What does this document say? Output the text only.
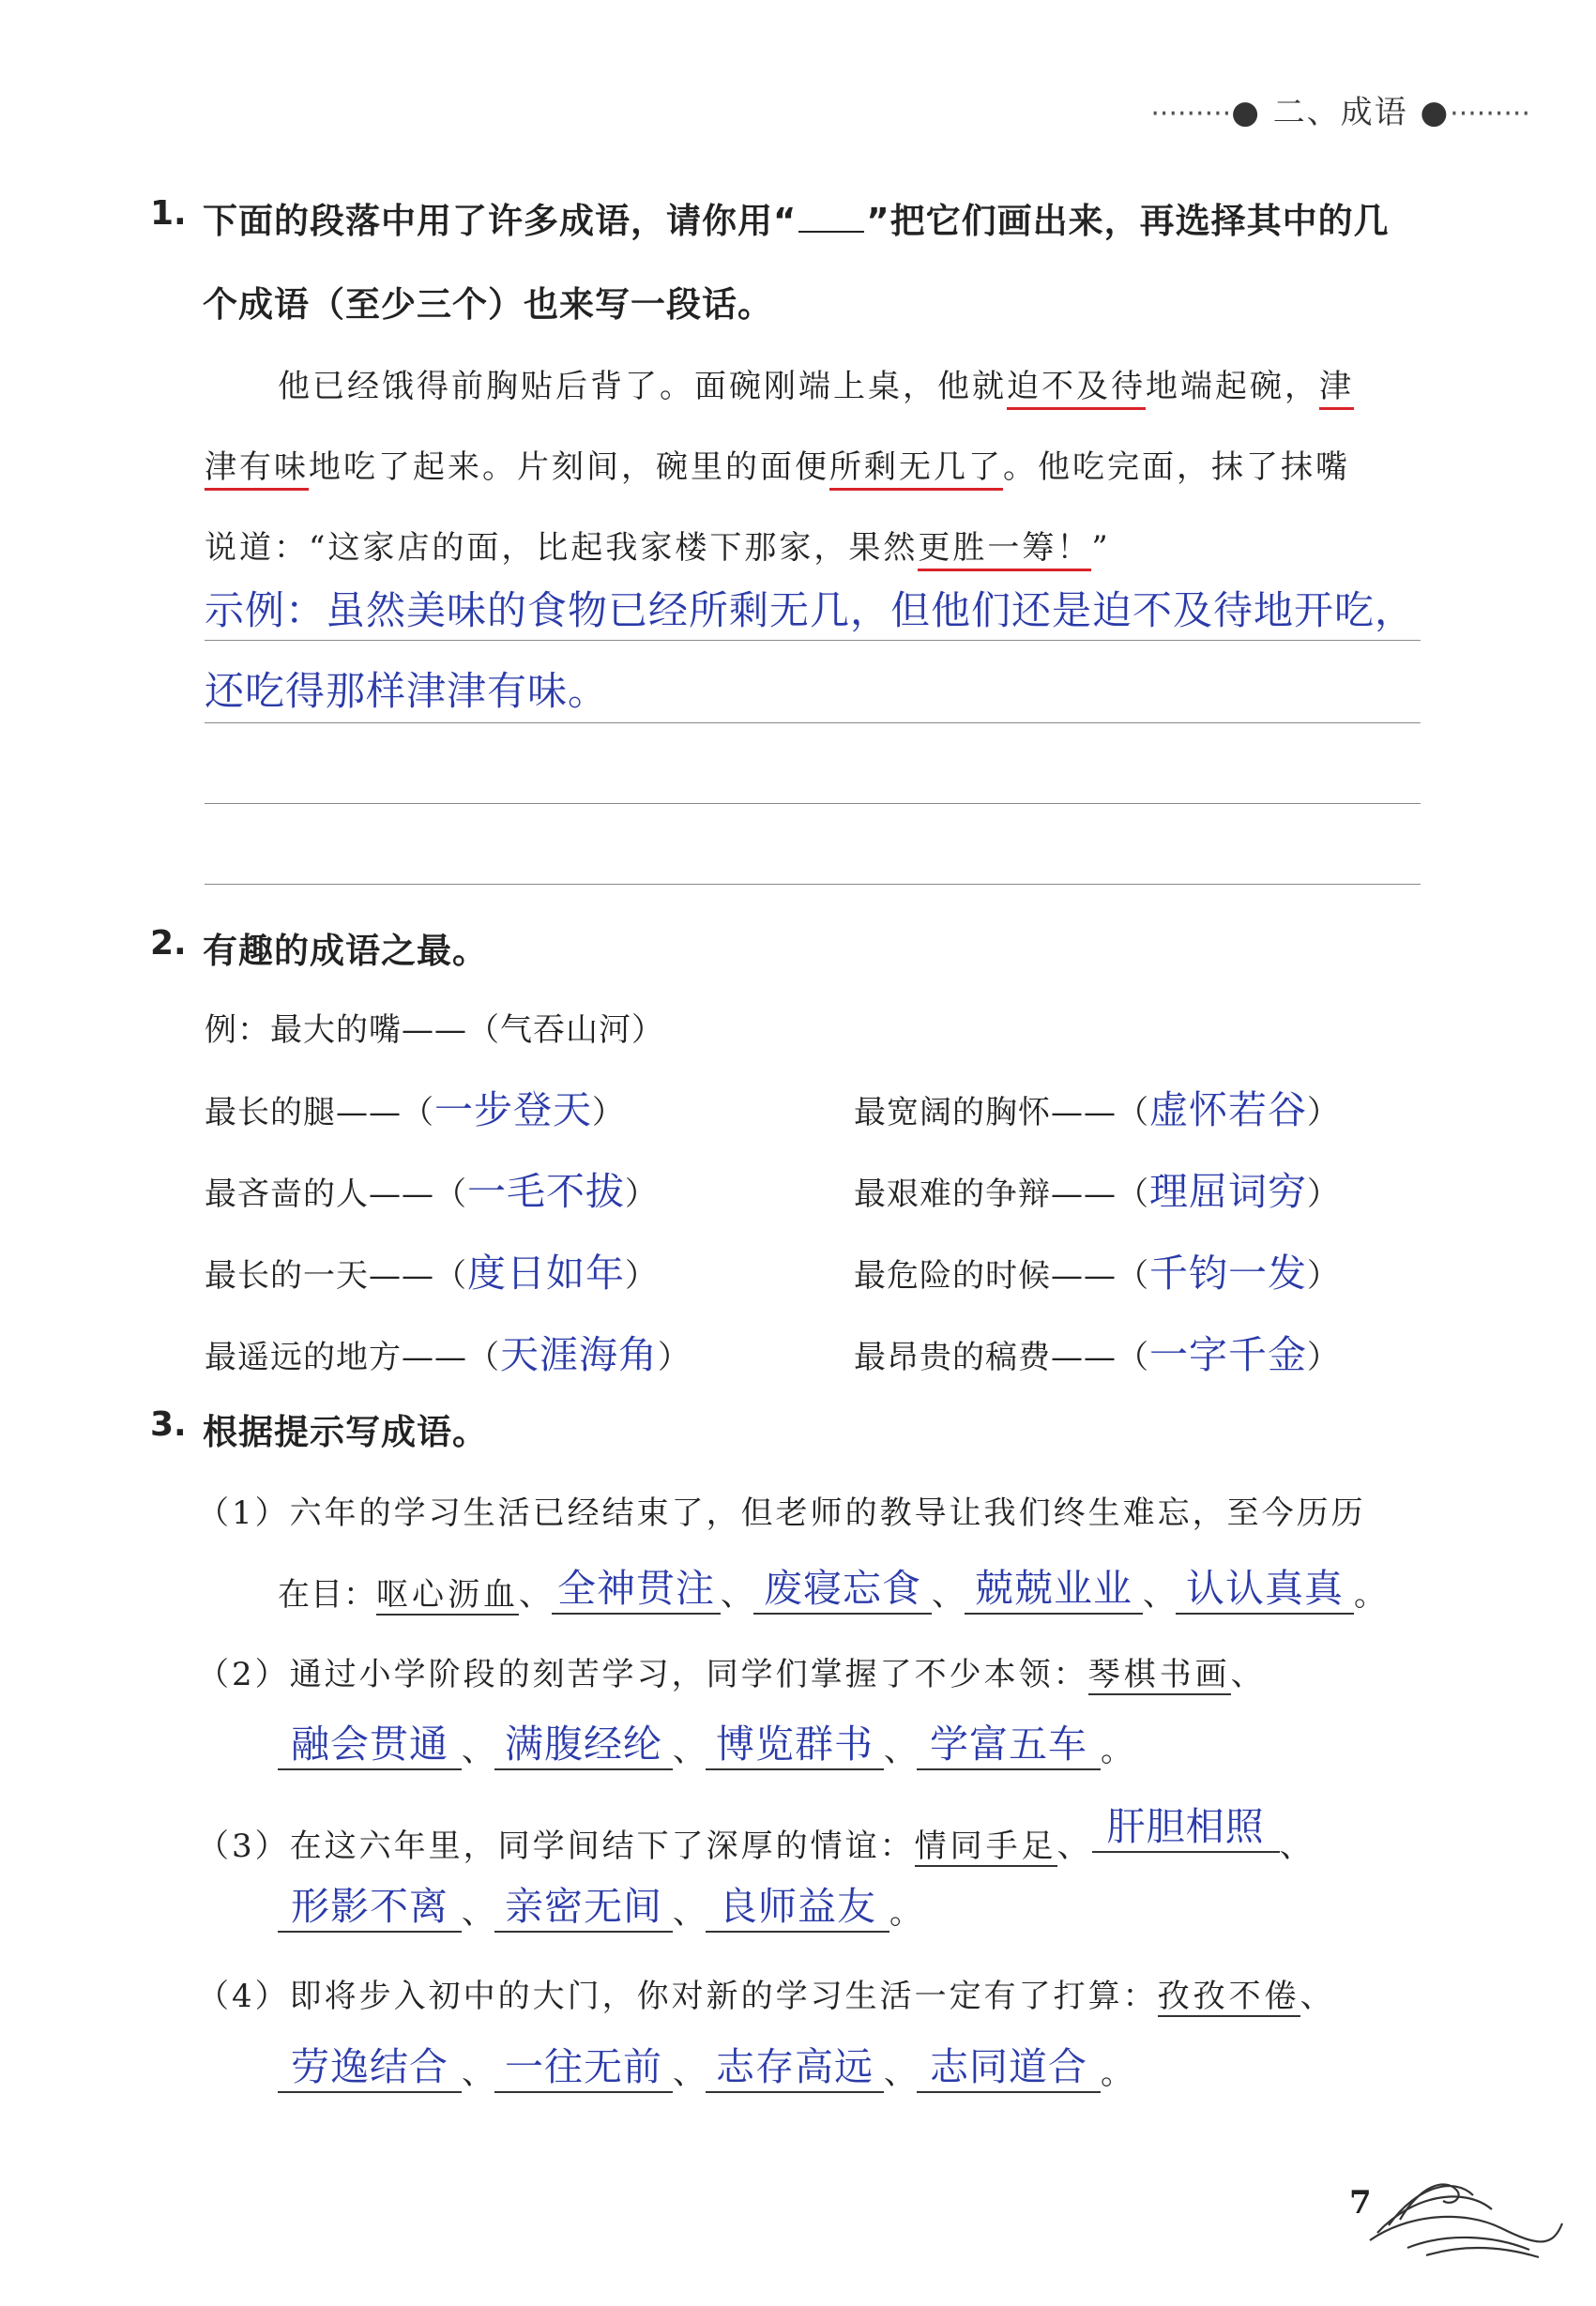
·········● 二、成语 ●·········
1. 下面的段落中用了许多成语，请你用“ ”把它们画出来，再选择其中的几
个成语（至少三个）也来写一段话。
他已经饿得前胸贴后背了。面碗刚端上桌，他就迫不及待地端起碗，津
津有味地吃了起来。片刻间，碗里的面便所剩无几了。他吃完面，抹了抹嘴
说道：“这家店的面，比起我家楼下那家，果然更胜一筹！”
示例：虽然美味的食物已经所剩无几，但他们还是迫不及待地开吃，
还吃得那样津津有味。
2. 有趣的成语之最。
例：最大的嘴——（气吞山河）
最长的腿——（一步登天）
最吝啬的人——（一毛不拔）
最长的一天——（度日如年）
最遥远的地方——（天涯海角）
最宽阔的胸怀——（虚怀若谷）
最艰难的争辩——（理屈词穷）
最危险的时候——（千钧一发）
最昂贵的稿费——（一字千金）
3. 根据提示写成语。
（1）六年的学习生活已经结束了，但老师的教导让我们终生难忘，至今历历
在目：呕心沥血、 全神贯注 、 废寝忘食 、 兢兢业业 、 认认真真 。
（2）通过小学阶段的刻苦学习，同学们掌握了不少本领：琴棋书画、
融会贯通 、 满腹经纶 、 博览群书 、 学富五车 。
（3）在这六年里，同学间结下了深厚的情谊：情同手足、 肝胆相照 、
形影不离 、 亲密无间 、 良师益友 。
（4）即将步入初中的大门，你对新的学习生活一定有了打算：孜孜不倦、
劳逸结合 、 一往无前 、 志存高远 、 志同道合 。
7
